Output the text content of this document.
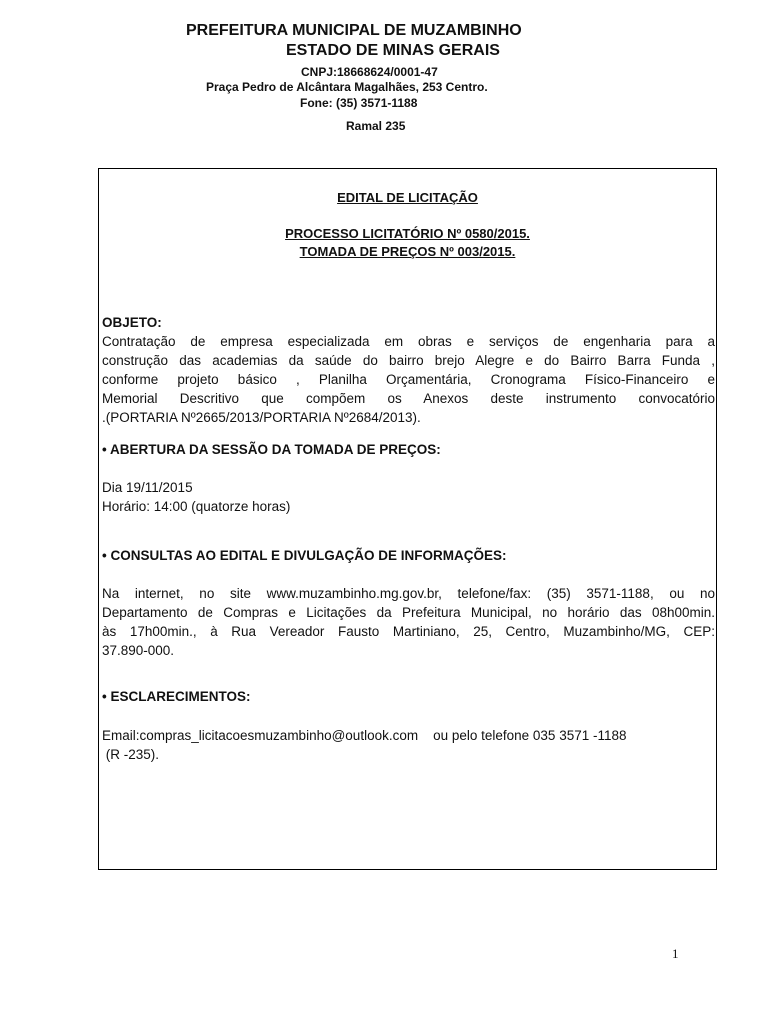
PREFEITURA MUNICIPAL DE MUZAMBINHO
ESTADO DE MINAS GERAIS
CNPJ:18668624/0001-47
Praça Pedro de Alcântara Magalhães, 253 Centro.
Fone: (35) 3571-1188
Ramal 235
EDITAL DE LICITAÇÃO
PROCESSO LICITATÓRIO Nº 0580/2015.
TOMADA DE PREÇOS Nº 003/2015.
OBJETO:
Contratação de empresa especializada em obras e serviços de engenharia para a
construção das academias da saúde do bairro brejo Alegre e do Bairro Barra Funda ,
conforme projeto básico , Planilha Orçamentária, Cronograma Físico-Financeiro e
Memorial Descritivo que compõem os Anexos deste instrumento convocatório
.(PORTARIA Nº2665/2013/PORTARIA Nº2684/2013).
• ABERTURA DA SESSÃO DA TOMADA DE PREÇOS:
Dia 19/11/2015
Horário: 14:00 (quatorze horas)
• CONSULTAS AO EDITAL E DIVULGAÇÃO DE INFORMAÇÕES:
Na internet, no site www.muzambinho.mg.gov.br, telefone/fax: (35) 3571-1188, ou no
Departamento de Compras e Licitações da Prefeitura Municipal, no horário das 08h00min.
às 17h00min., à Rua Vereador Fausto Martiniano, 25, Centro, Muzambinho/MG, CEP:
37.890-000.
• ESCLARECIMENTOS:
Email:compras_licitacoesmuzambinho@outlook.com    ou pelo telefone 035 3571 -1188
(R -235).
1
